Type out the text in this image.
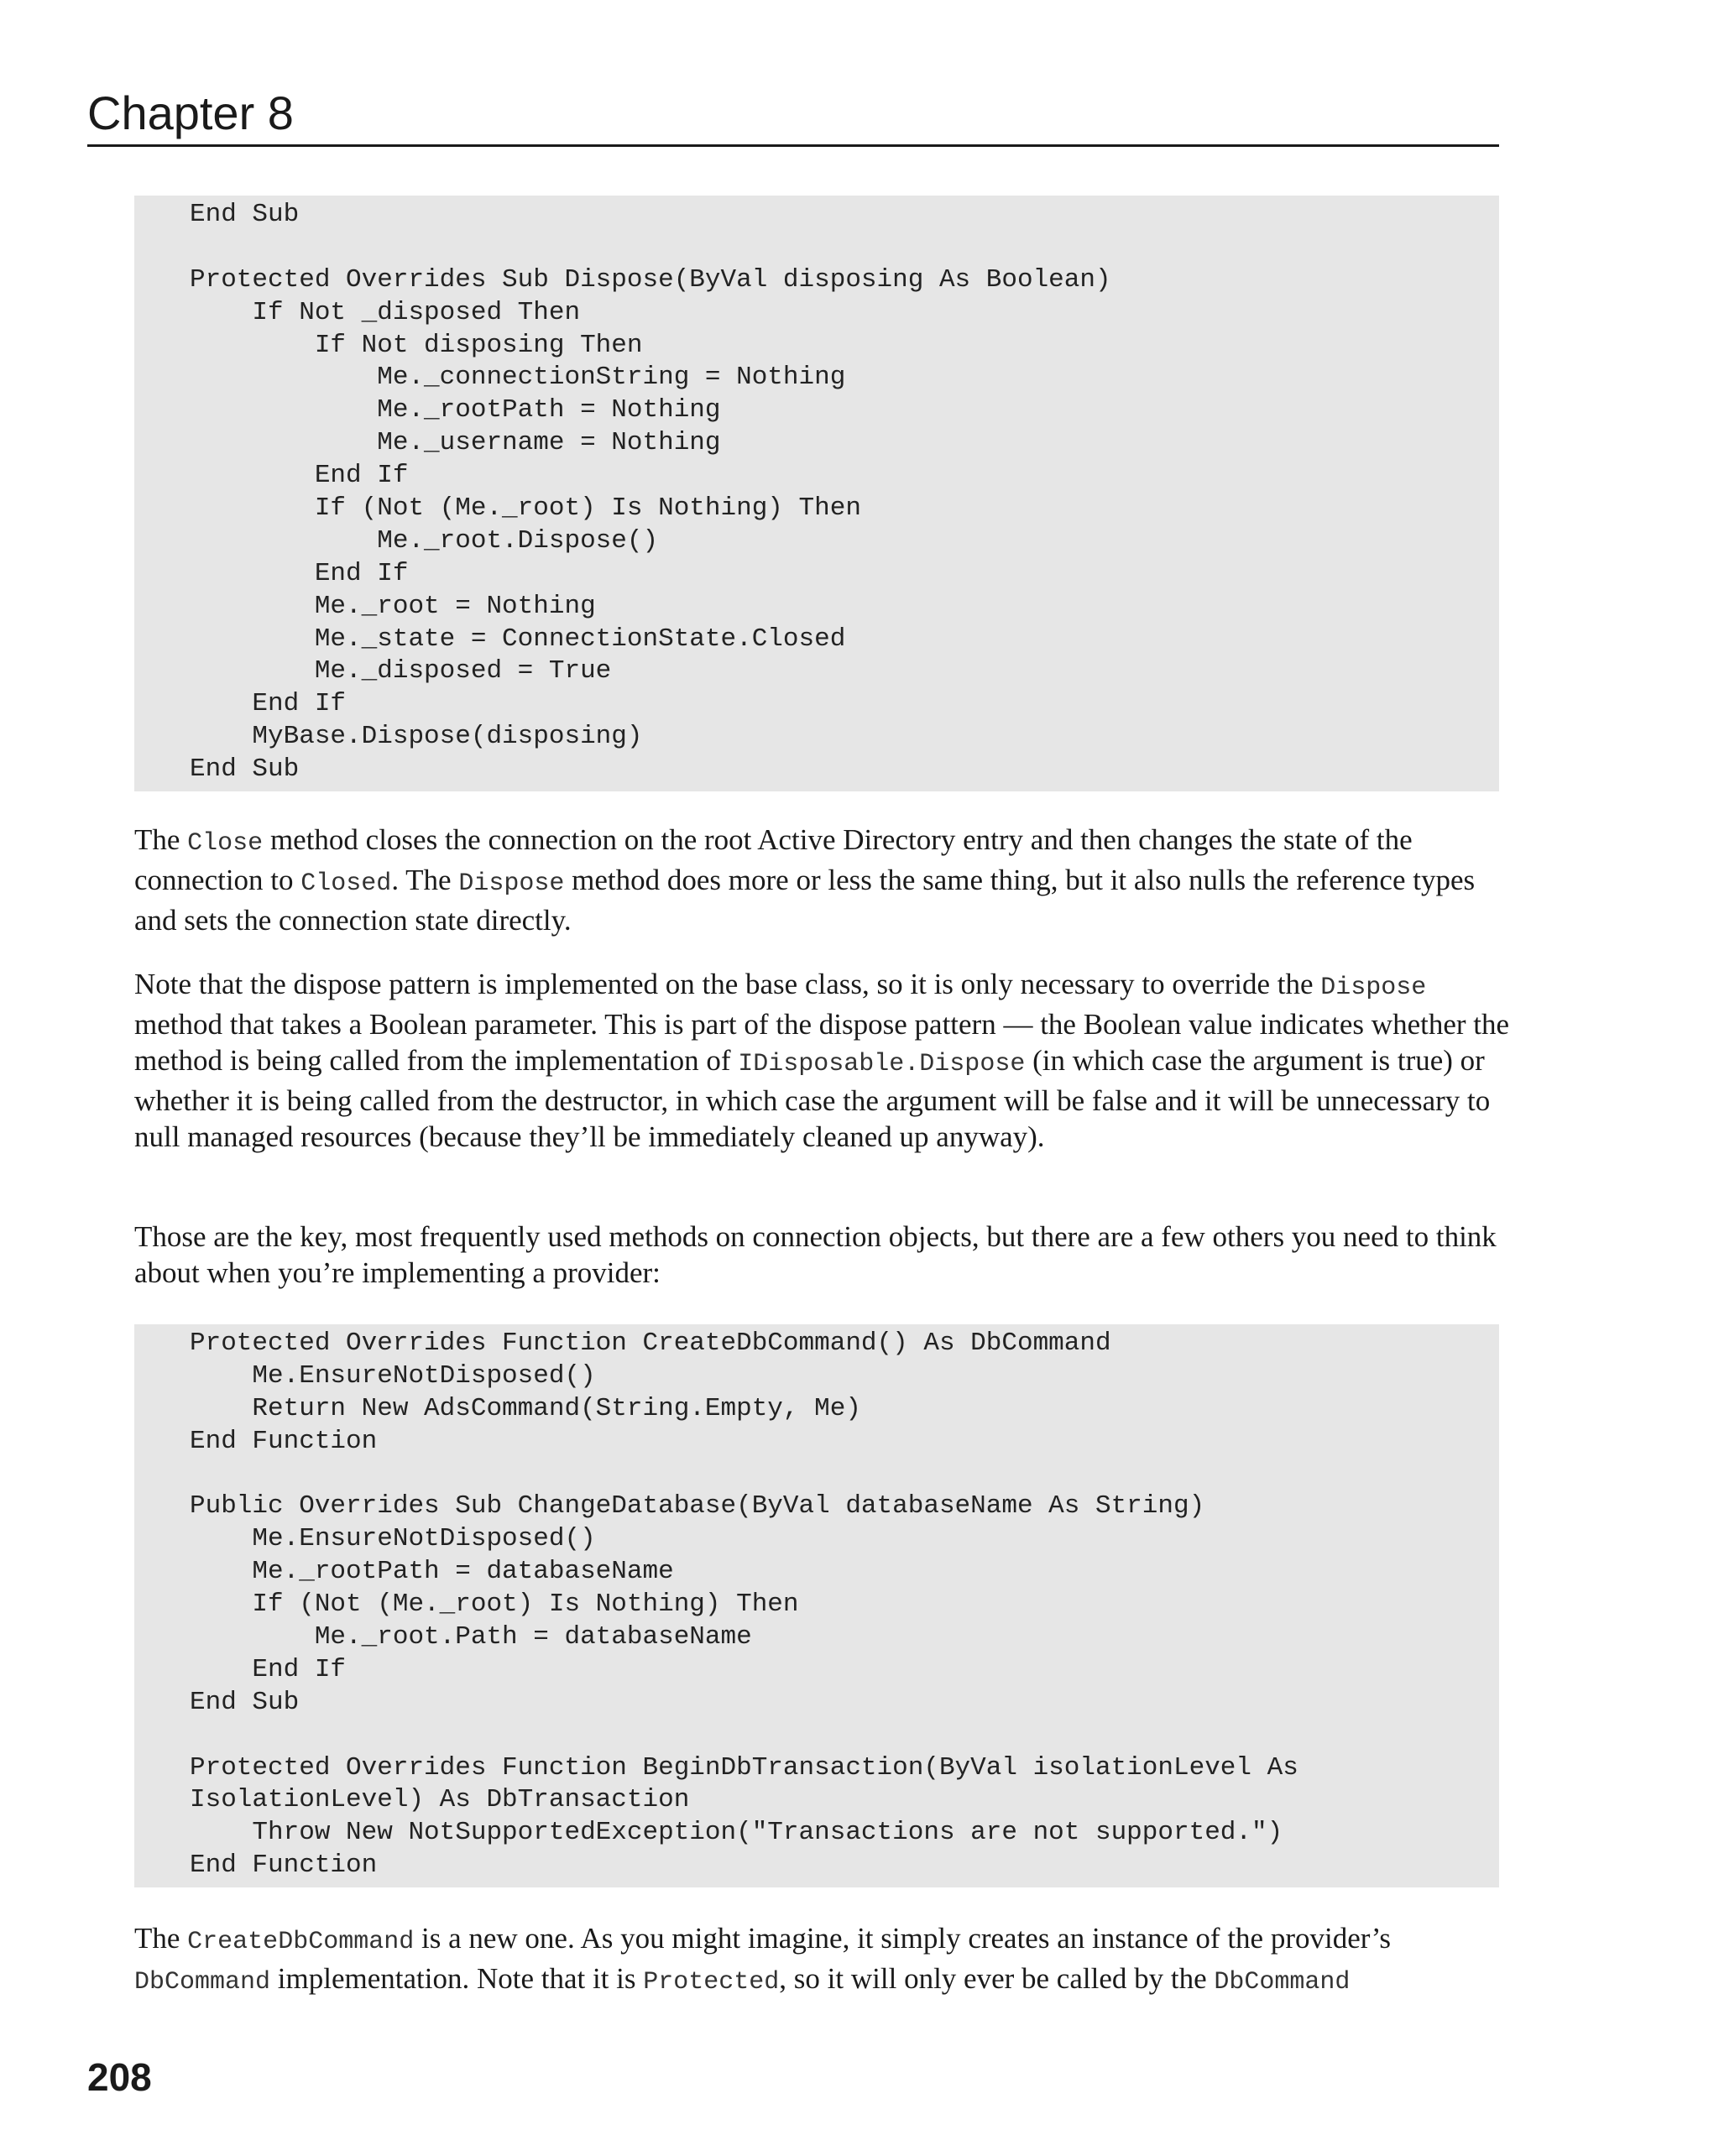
Chapter 8
End Sub
Protected Overrides Sub Dispose(ByVal disposing As Boolean)
If Not _disposed Then
If Not disposing Then
Me._connectionString = Nothing
Me._rootPath = Nothing
Me._username = Nothing
End If
If (Not (Me._root) Is Nothing) Then
Me._root.Dispose()
End If
Me._root = Nothing
Me._state = ConnectionState.Closed
Me._disposed = True
End If
MyBase.Dispose(disposing)
End Sub
The Close method closes the connection on the root Active Directory entry and then changes the state of the connection to Closed. The Dispose method does more or less the same thing, but it also nulls the reference types and sets the connection state directly.
Note that the dispose pattern is implemented on the base class, so it is only necessary to override the Dispose method that takes a Boolean parameter. This is part of the dispose pattern — the Boolean value indicates whether the method is being called from the implementation of IDisposable.Dispose (in which case the argument is true) or whether it is being called from the destructor, in which case the argument will be false and it will be unnecessary to null managed resources (because they’ll be immediately cleaned up anyway).
Those are the key, most frequently used methods on connection objects, but there are a few others you need to think about when you’re implementing a provider:
Protected Overrides Function CreateDbCommand() As DbCommand
Me.EnsureNotDisposed()
Return New AdsCommand(String.Empty, Me)
End Function
Public Overrides Sub ChangeDatabase(ByVal databaseName As String)
Me.EnsureNotDisposed()
Me._rootPath = databaseName
If (Not (Me._root) Is Nothing) Then
Me._root.Path = databaseName
End If
End Sub
Protected Overrides Function BeginDbTransaction(ByVal isolationLevel As
IsolationLevel) As DbTransaction
Throw New NotSupportedException("Transactions are not supported.")
End Function
The CreateDbCommand is a new one. As you might imagine, it simply creates an instance of the provider’s DbCommand implementation. Note that it is Protected, so it will only ever be called by the DbCommand
208
